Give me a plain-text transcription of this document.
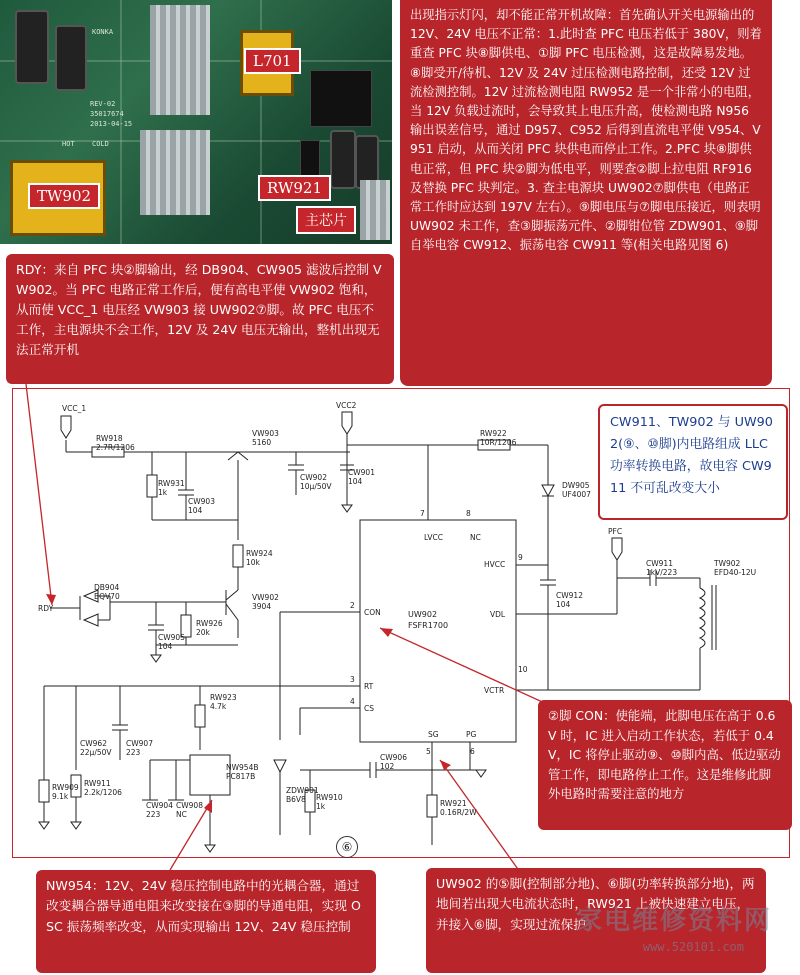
KONKA
REV-02
35017674
2013-04-15
HOT COLD
L701
TW902	RW921
主芯片
出现指示灯闪，却不能正常开机故障：首先确认开关电源输出的 12V、24V 电压不正常：1.此时查 PFC 电压若低于 380V，则着重查 PFC 块⑧脚供电、①脚 PFC 电压检测，这是故障易发地。⑧脚受开/待机、12V 及 24V 过压检测电路控制，还受 12V 过流检测控制。12V 过流检测电阻 RW952 是一个非常小的电阻，当 12V 负载过流时，会导致其上电压升高，使检测电路 N956 输出误差信号，通过 D957、C952 后得到直流电平使 V954、V951 启动，从而关闭 PFC 块供电而停止工作。2.PFC 块⑧脚供电正常，但 PFC 块②脚为低电平，则要查②脚上拉电阻 RF916 及替换 PFC 块判定。3. 查主电源块 UW902⑦脚供电（电路正常工作时应达到 197V 左右）。⑨脚电压与⑦脚电压接近，则表明 UW902 未工作，查③脚振荡元件、②脚钳位管 ZDW901、⑨脚自举电容 CW912、振荡电容 CW911 等(相关电路见图 6)
RDY：来自 PFC 块②脚输出，经 DB904、CW905 滤波后控制 VW902。当 PFC 电路正常工作后，便有高电平使 VW902 饱和，从而使 VCC_1 电压经 VW903 接 UW902⑦脚。故 PFC 电压不工作，主电源块不会工作，12V 及 24V 电压无输出，整机出现无法正常开机
VCC_1	VCC2
RDY
PFC
UW902
FSFR1700
LVCC	NC
HVCC
VDL
CON
RT
CS
VCTR
SG	PG
7	8
9
2
3
4
5	6
10
RW918
2.7R/1206
VW903
5160
CW902
10µ/50V
CW901
104
RW922
10R/1206
DW905
UF4007
RW931
1k
CW903
104
RW924
10k
DB904
BQV70	VW902
3904
CW905
104
RW926
20k
CW912
104
CW911
1kV/223
TW902
EFD40-12U
RW923
4.7k
CW962
22µ/50V
CW907
223
NW954B
PC817B
ZDW901
B6V8
CW906
102
RW909
9.1k
RW911
2.2k/1206
CW904
223
CW908
NC
RW910
1k	RW921
0.16R/2W
⑥
CW911、TW902 与 UW902(⑨、⑩脚)内电路组成 LLC 功率转换电路，故电容 CW911 不可乱改变大小
②脚 CON：使能端，此脚电压在高于 0.6V 时，IC 进入启动工作状态，若低于 0.4V，IC 将停止驱动⑨、⑩脚内高、低边驱动管工作，即电路停止工作。这是维修此脚外电路时需要注意的地方
NW954：12V、24V 稳压控制电路中的光耦合器，通过改变耦合器导通电阻来改变接在③脚的导通电阻，实现 OSC 振荡频率改变，从而实现输出 12V、24V 稳压控制
UW902 的⑤脚(控制部分地)、⑥脚(功率转换部分地)，两地间若出现大电流状态时，RW921 上被快速建立电压，并接入⑥脚，实现过流保护
家电维修资料网
www.520101.com
